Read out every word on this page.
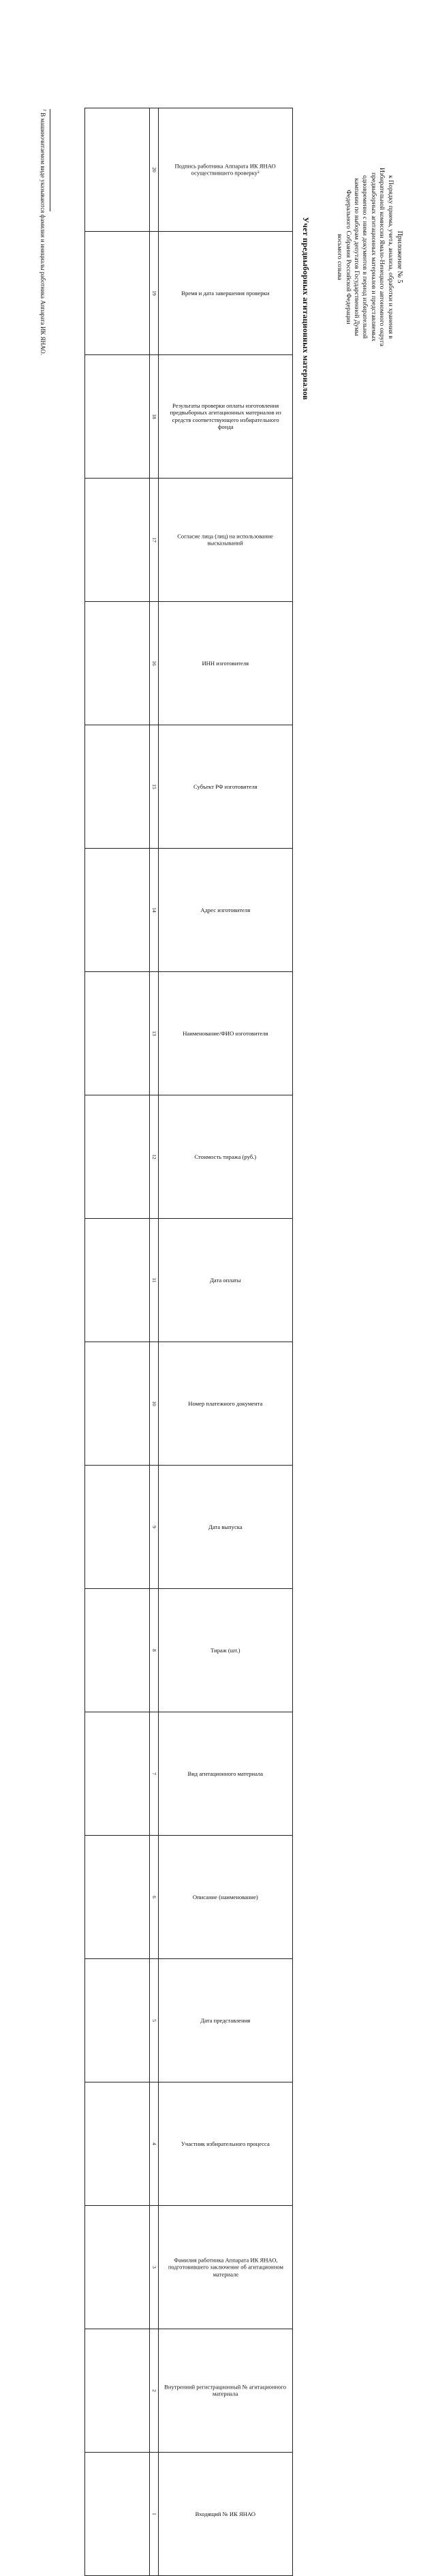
Приложение № 5
к Порядку приема, учета, анализа, обработки и хранения в
Избирательной комиссии Ямало-Ненецкого автономного округа
предвыборных агитационных материалов и представляемых
одновременно с ними документов в период избирательной
кампании по выборам депутатов Государственной Думы
Федерального Собрания Российской Федерации
восьмого созыва
Учет предвыборных агитационных материалов
Подпись работника Аппарата ИК ЯНАО осуществившего проверку²	Время и дата завершения проверки	Результаты проверки оплаты изготовления предвыборных агитационных материалов из средств соответствующего избирательного фонда	Согласие лица (лиц) на использование высказываний	ИНН изготовителя	Субъект РФ изготовителя	Адрес изготовителя	Наименование/ФИО изготовителя	Стоимость тиража (руб.)	Дата оплаты	Номер платежного документа	Дата выпуска	Тираж (шт.)	Вид агитационного материала	Описание (наименование)	Дата представления	Участник избирательного процесса	Фамилия работника Аппарата ИК ЯНАО, подготовившего заключение об агитационном материале	Внутренний регистрационный № агитационного материала	Входящий № ИК ЯНАО

20	19	18	17	16	15	14	13	12	11	10	9	8	7	6	5	4	3	2	1

$^2$ В машиночитаемом виде указываются фамилия и инициалы работника Аппарата ИК ЯНАО.
